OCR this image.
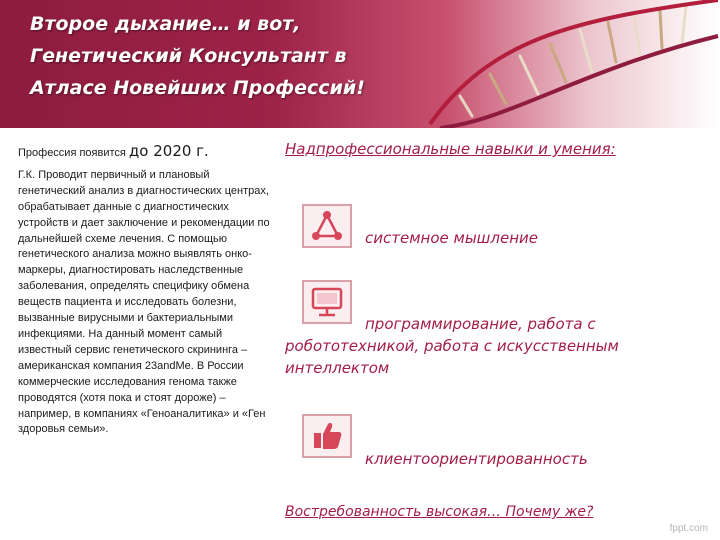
Второе дыхание… и вот,
Генетический Консультант в
Атласе Новейших Профессий!
Профессия появится до 2020 г.

Г.К. Проводит первичный и плановый генетический анализ в диагностических центрах, обрабатывает данные с диагностических устройств и дает заключение и рекомендации по дальнейшей схеме лечения. С помощью генетического анализа можно выявлять онко-маркеры, диагностировать наследственные заболевания, определять специфику обмена веществ пациента и исследовать болезни, вызванные вирусными и бактериальными инфекциями. На данный момент самый известный сервис генетического скрининга – американская компания 23andMe. В России коммерческие исследования генома также проводятся (хотя пока и стоят дороже) – например, в компаниях «Геноаналитика» и «Ген здоровья семьи».

Надпрофессиональные навыки и умения:
системное мышление
программирование, работа с
робототехникой, работа с искусственным
интеллектом
клиентоориентированность
Востребованность высокая… Почему же?
fppt.com
